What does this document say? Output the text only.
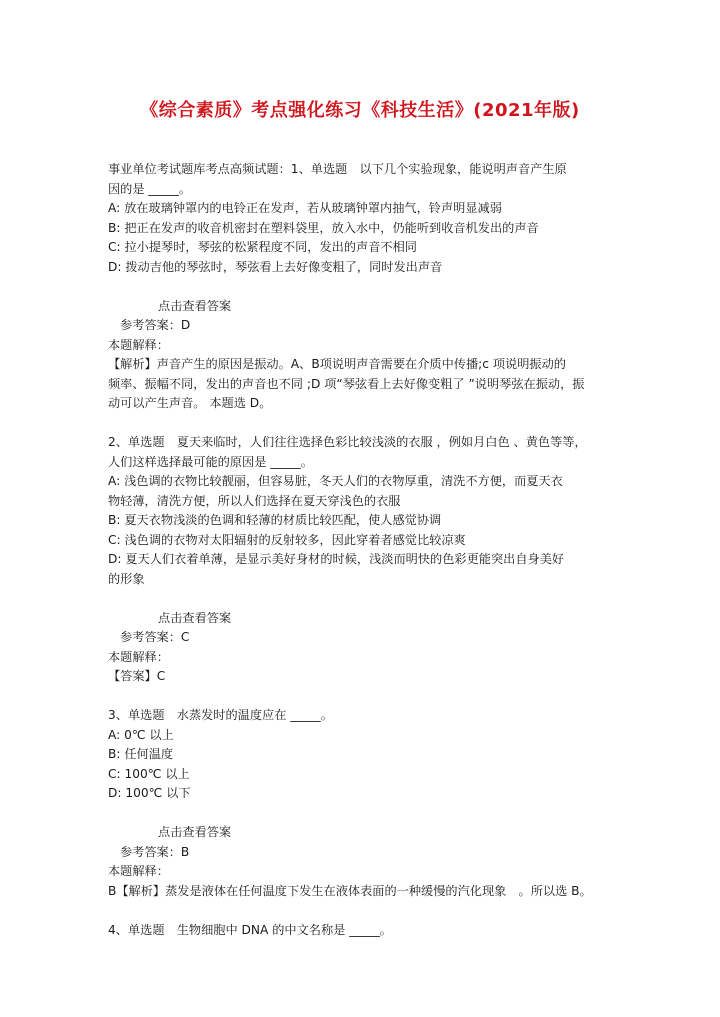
《综合素质》考点强化练习《科技生活》(2021年版)

事业单位考试题库考点高频试题：1、单选题　以下几个实验现象，能说明声音产生原

因的是 _____。

A: 放在玻璃钟罩内的电铃正在发声，若从玻璃钟罩内抽气，铃声明显减弱

B: 把正在发声的收音机密封在塑料袋里，放入水中，仍能听到收音机发出的声音

C: 拉小提琴时，琴弦的松紧程度不同，发出的声音不相同

D: 拨动吉他的琴弦时，琴弦看上去好像变粗了，同时发出声音

点击查看答案

参考答案：D

本题解释：

【解析】声音产生的原因是振动。A、B项说明声音需要在介质中传播;c 项说明振动的

频率、振幅不同，发出的声音也不同 ;D 项“琴弦看上去好像变粗了 ”说明琴弦在振动，振

动可以产生声音。 本题选 D。

2、单选题　夏天来临时，人们往往选择色彩比较浅淡的衣服 ，例如月白色 、黄色等等，

人们这样选择最可能的原因是 _____。

A: 浅色调的衣物比较靓丽，但容易脏，冬天人们的衣物厚重，清洗不方便，而夏天衣

物轻薄，清洗方便，所以人们选择在夏天穿浅色的衣服

B: 夏天衣物浅淡的色调和轻薄的材质比较匹配，使人感觉协调

C: 浅色调的衣物对太阳辐射的反射较多，因此穿着者感觉比较凉爽

D: 夏天人们衣着单薄，是显示美好身材的时候，浅淡而明快的色彩更能突出自身美好

的形象

点击查看答案

参考答案：C

本题解释：

【答案】C

3、单选题　水蒸发时的温度应在 _____。

A: 0℃ 以上

B: 任何温度

C: 100℃ 以上

D: 100℃ 以下

点击查看答案

参考答案：B

本题解释：

B【解析】蒸发是液体在任何温度下发生在液体表面的一种缓慢的汽化现象　。所以选 B。

4、单选题　生物细胞中 DNA 的中文名称是 _____。
